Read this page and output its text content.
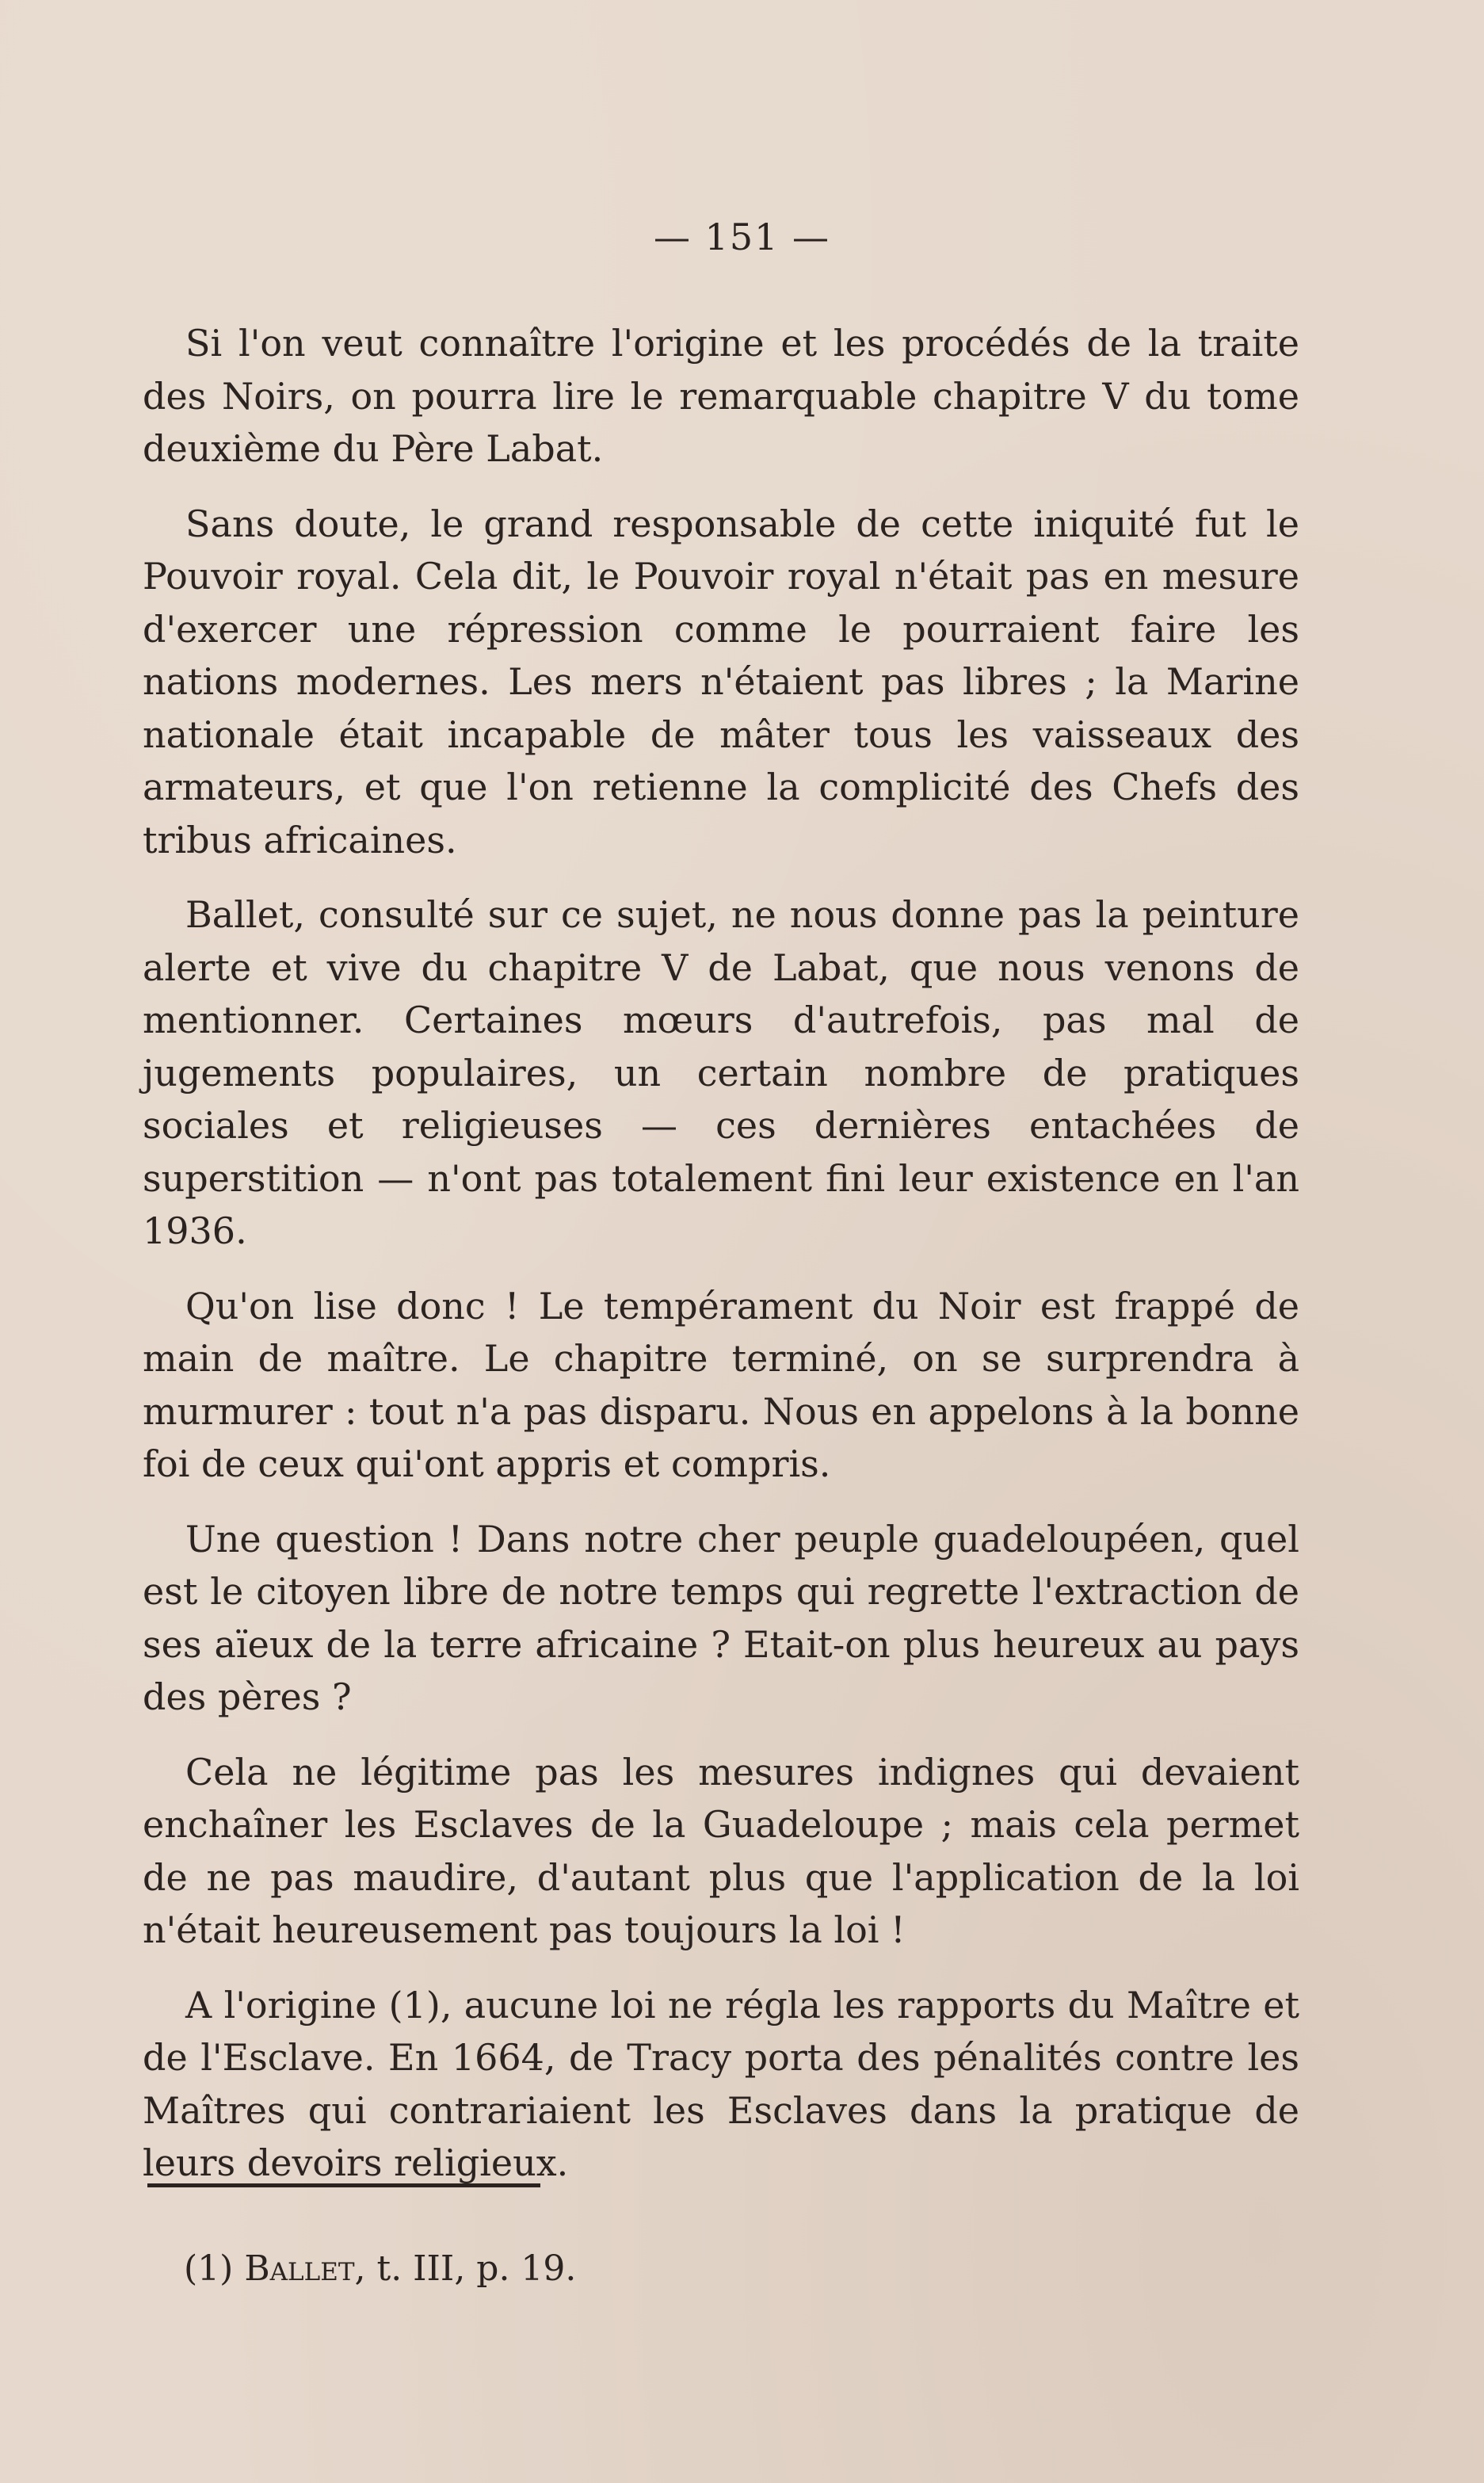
— 151 —

Si l'on veut connaître l'origine et les procédés de la traite des Noirs, on pourra lire le remarquable chapitre V du tome deuxième du Père Labat.

Sans doute, le grand responsable de cette iniquité fut le Pouvoir royal. Cela dit, le Pouvoir royal n'était pas en mesure d'exercer une répression comme le pourraient faire les nations modernes. Les mers n'étaient pas libres ; la Marine nationale était incapable de mâter tous les vaisseaux des armateurs, et que l'on retienne la complicité des Chefs des tribus africaines.

Ballet, consulté sur ce sujet, ne nous donne pas la peinture alerte et vive du chapitre V de Labat, que nous venons de mentionner. Certaines mœurs d'autrefois, pas mal de jugements populaires, un certain nombre de pratiques sociales et religieuses — ces dernières entachées de superstition — n'ont pas totalement fini leur existence en l'an 1936.

Qu'on lise donc ! Le tempérament du Noir est frappé de main de maître. Le chapitre terminé, on se surprendra à murmurer : tout n'a pas disparu. Nous en appelons à la bonne foi de ceux qui'ont appris et compris.

Une question ! Dans notre cher peuple guadeloupéen, quel est le citoyen libre de notre temps qui regrette l'extraction de ses aïeux de la terre africaine ? Etait-on plus heureux au pays des pères ?

Cela ne légitime pas les mesures indignes qui devaient enchaîner les Esclaves de la Guadeloupe ; mais cela permet de ne pas maudire, d'autant plus que l'application de la loi n'était heureusement pas toujours la loi !

A l'origine (1), aucune loi ne régla les rapports du Maître et de l'Esclave. En 1664, de Tracy porta des pénalités contre les Maîtres qui contrariaient les Esclaves dans la pratique de leurs devoirs religieux.

(1) Ballet, t. III, p. 19.
